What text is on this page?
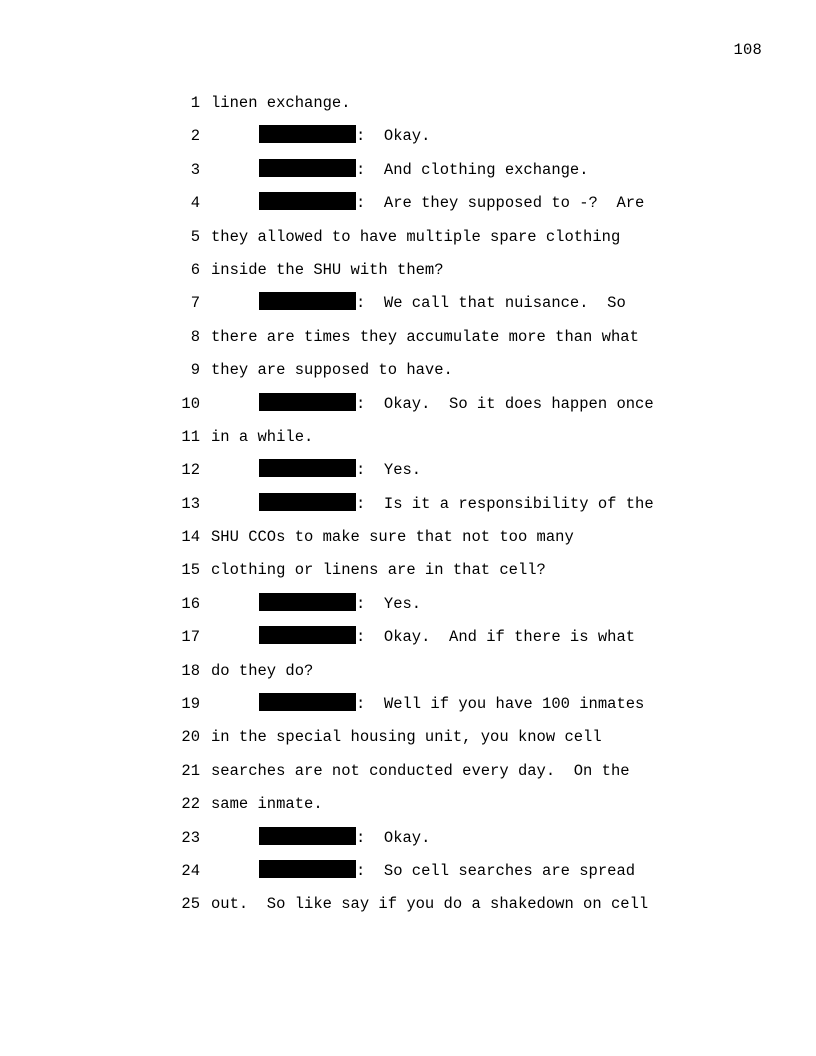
108
1 linen exchange.
2	:  Okay.
3	:  And clothing exchange.
4	:  Are they supposed to -?  Are
5 they allowed to have multiple spare clothing
6 inside the SHU with them?
7	:  We call that nuisance.  So
8 there are times they accumulate more than what
9 they are supposed to have.
10	:  Okay.  So it does happen once
11 in a while.
12	:  Yes.
13	:  Is it a responsibility of the
14 SHU CCOs to make sure that not too many
15 clothing or linens are in that cell?
16	:  Yes.
17	:  Okay.  And if there is what
18 do they do?
19	:  Well if you have 100 inmates
20 in the special housing unit, you know cell
21 searches are not conducted every day.  On the
22 same inmate.
23	:  Okay.
24	:  So cell searches are spread
25 out.  So like say if you do a shakedown on cell
